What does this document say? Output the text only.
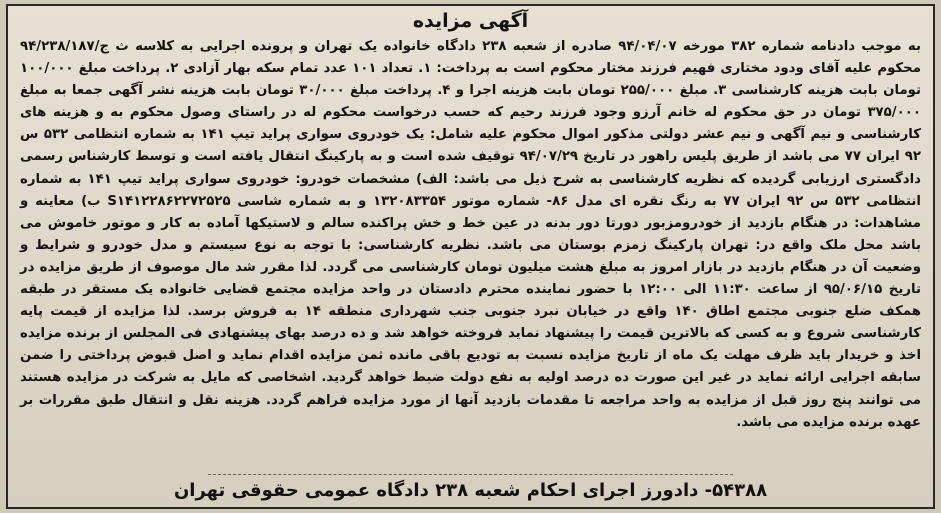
آگهی مزایده
به موجب دادنامه شماره ۳۸۲ مورخه ۹۴/۰۴/۰۷ صادره از شعبه ۲۳۸ دادگاه خانواده یک تهران و پرونده اجرایی به کلاسه ث ج/۹۴/۲۳۸/۱۸۷ محکوم علیه آقای ودود مختاری فهیم فرزند مختار محکوم است به پرداخت: ۱. تعداد ۱۰۱ عدد تمام سکه بهار آزادی ۲. پرداخت مبلغ ۱۰۰/۰۰۰ تومان بابت هزینه کارشناسی ۳. مبلغ ۲۵۵/۰۰۰ تومان بابت هزینه اجرا و ۴. پرداخت مبلغ ۳۰/۰۰۰ تومان بابت هزینه نشر آگهی جمعا به مبلغ ۳۷۵/۰۰۰ تومان در حق محکوم له خانم آرزو وجود فرزند رحیم که حسب درخواست محکوم له در راستای وصول محکوم به و هزینه های کارشناسی و نیم آگهی و نیم عشر دولتی مذکور اموال محکوم علیه شامل: یک خودروی سواری پراید تیپ ۱۴۱ به شماره انتظامی ۵۳۲ س ۹۲ ایران ۷۷ می باشد از طریق پلیس راهور در تاریخ ۹۴/۰۷/۲۹ توقیف شده است و به پارکینگ انتقال یافته است و توسط کارشناس رسمی دادگستری ارزیابی گردیده که نظریه کارشناسی به شرح ذیل می باشد: الف) مشخصات خودرو: خودروی سواری پراید تیپ ۱۴۱ به شماره انتظامی ۵۳۲ س ۹۲ ایران ۷۷ به رنگ نقره ای مدل ۸۶- شماره موتور ۱۳۲۰۸۳۳۵۴ و به شماره شاسی S۱۴۱۲۲۸۶۲۲۷۲۵۲۵ ب) معاینه و مشاهدات: در هنگام بازدید از خودرومزبور دورتا دور بدنه در عین خط و خش پراکنده سالم و لاستیکها آماده به کار و موتور خاموش می باشد محل ملک واقع در: تهران پارکینگ زمزم بوستان می باشد. نظریه کارشناسی: با توجه به نوع سیستم و مدل خودرو و شرایط و وضعیت آن در هنگام بازدید در بازار امروز به مبلغ هشت میلیون تومان کارشناسی می گردد. لذا مقرر شد مال موصوف از طریق مزایده در تاریخ ۹۵/۰۶/۱۵ از ساعت ۱۱:۳۰ الی ۱۲:۰۰ با حضور نماینده محترم دادستان در واحد مزایده مجتمع قضایی خانواده یک مستقر در طبقه همکف ضلع جنوبی مجتمع اطاق ۱۴۰ واقع در خیابان نبرد جنوبی جنب شهرداری منطقه ۱۴ به فروش برسد. لذا مزایده از قیمت پایه کارشناسی شروع و به کسی که بالاترین قیمت را پیشنهاد نماید فروخته خواهد شد و ده درصد بهای پیشنهادی فی المجلس از برنده مزایده اخذ و خریدار باید ظرف مهلت یک ماه از تاریخ مزایده نسبت به تودیع باقی مانده ثمن مزایده اقدام نماید و اصل قبوض پرداختی را ضمن سابقه اجرایی ارائه نماید در غیر این صورت ده درصد اولیه به نفع دولت ضبط خواهد گردید. اشخاصی که مایل به شرکت در مزایده هستند می توانند پنج روز قبل از مزایده به واحد مراجعه تا مقدمات بازدید آنها از مورد مزایده فراهم گردد. هزینه نقل و انتقال طبق مقررات بر عهده برنده مزایده می باشد.
۵۴۳۸۸- دادورز اجرای احکام شعبه ۲۳۸ دادگاه عمومی حقوقی تهران
